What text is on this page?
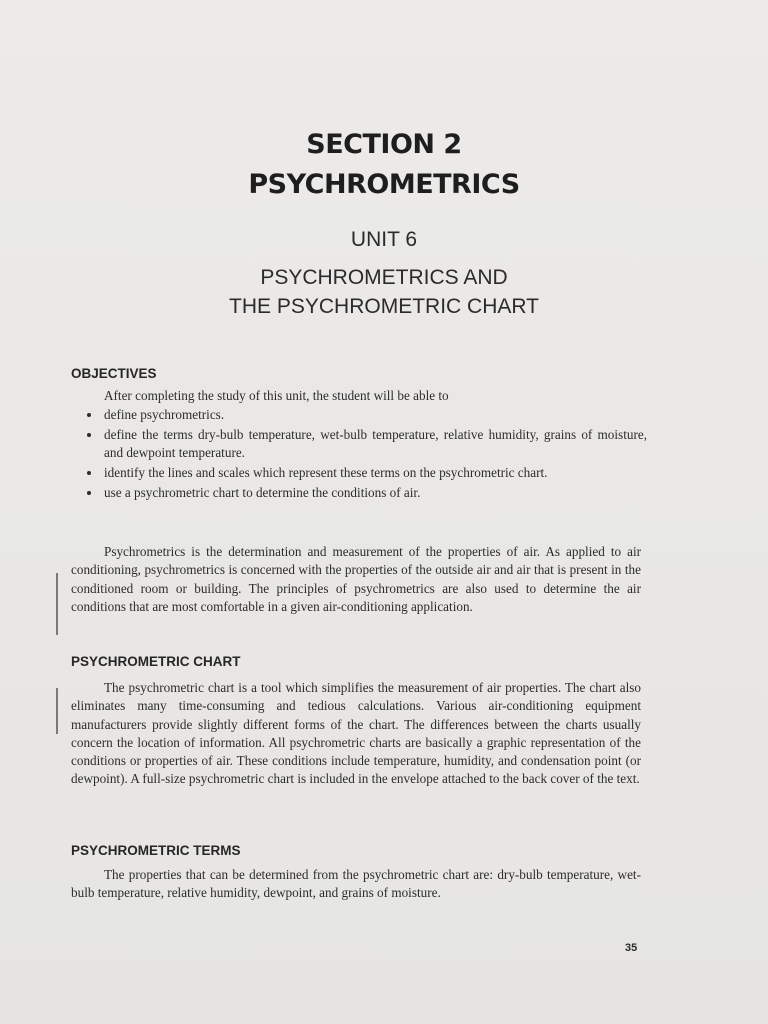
SECTION 2
PSYCHROMETRICS
UNIT 6
PSYCHROMETRICS AND
THE PSYCHROMETRIC CHART
OBJECTIVES
After completing the study of this unit, the student will be able to
define psychrometrics.
define the terms dry-bulb temperature, wet-bulb temperature, relative humidity, grains of moisture, and dewpoint temperature.
identify the lines and scales which represent these terms on the psychrometric chart.
use a psychrometric chart to determine the conditions of air.

Psychrometrics is the determination and measurement of the properties of air. As applied to air conditioning, psychrometrics is concerned with the properties of the outside air and air that is present in the conditioned room or building. The principles of psychrometrics are also used to determine the air conditions that are most comfortable in a given air-conditioning application.

PSYCHROMETRIC CHART

The psychrometric chart is a tool which simplifies the measurement of air properties. The chart also eliminates many time-consuming and tedious calculations. Various air-conditioning equipment manufacturers provide slightly different forms of the chart. The differences between the charts usually concern the location of information. All psychrometric charts are basically a graphic representation of the conditions or properties of air. These conditions include temperature, humidity, and condensation point (or dewpoint). A full-size psychrometric chart is included in the envelope attached to the back cover of the text.

PSYCHROMETRIC TERMS

The properties that can be determined from the psychrometric chart are: dry-bulb temperature, wet-bulb temperature, relative humidity, dewpoint, and grains of moisture.

35
